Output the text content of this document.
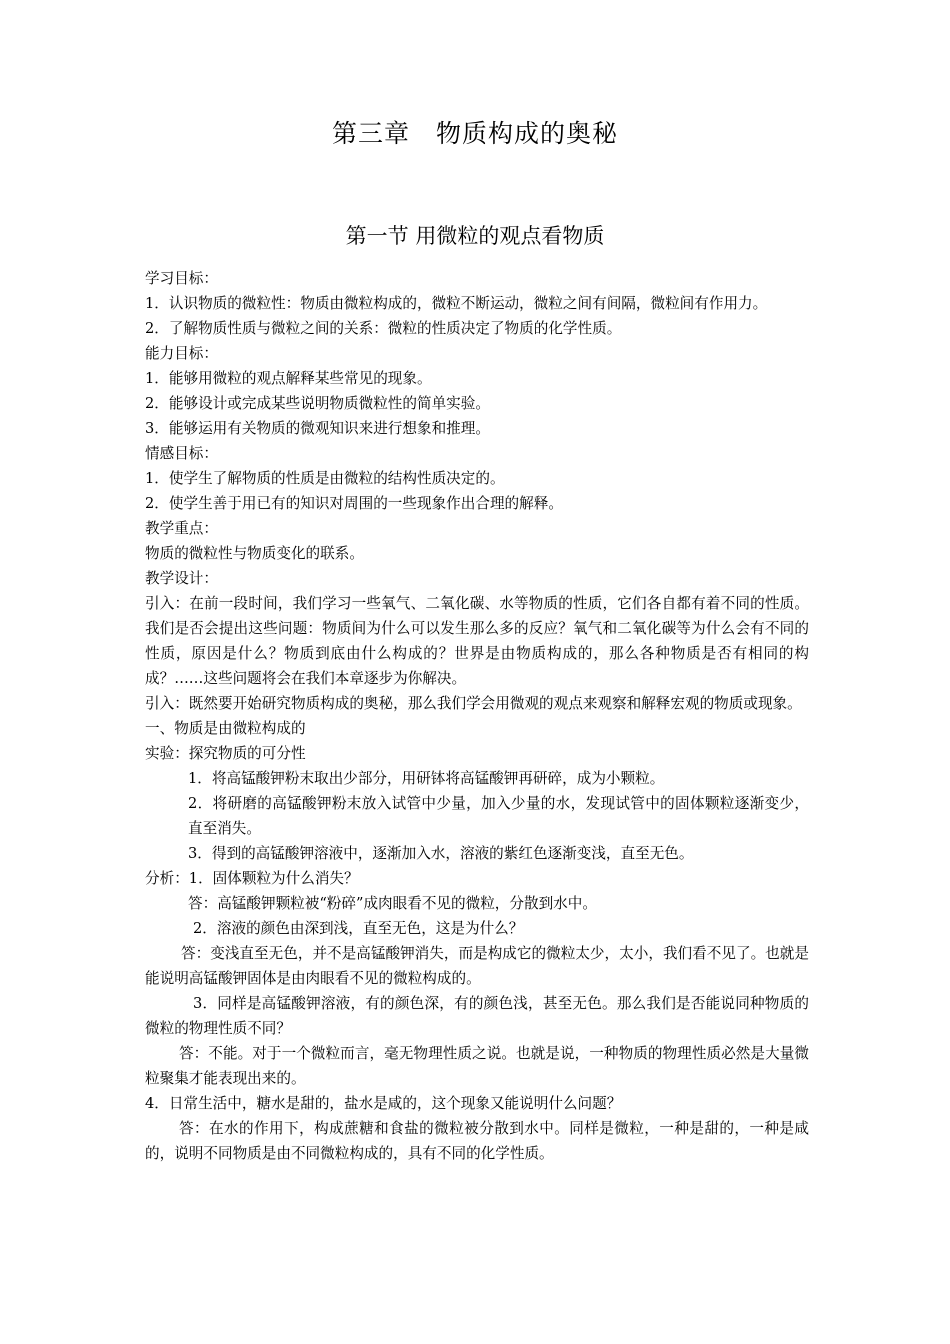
第三章　物质构成的奥秘
第一节 用微粒的观点看物质

学习目标：

1．认识物质的微粒性：物质由微粒构成的，微粒不断运动，微粒之间有间隔，微粒间有作用力。

2．了解物质性质与微粒之间的关系：微粒的性质决定了物质的化学性质。

能力目标：

1．能够用微粒的观点解释某些常见的现象。

2．能够设计或完成某些说明物质微粒性的简单实验。

3．能够运用有关物质的微观知识来进行想象和推理。

情感目标：

1．使学生了解物质的性质是由微粒的结构性质决定的。

2．使学生善于用已有的知识对周围的一些现象作出合理的解释。

教学重点：

物质的微粒性与物质变化的联系。

教学设计：

引入：在前一段时间，我们学习一些氧气、二氧化碳、水等物质的性质，它们各自都有着不同的性质。我们是否会提出这些问题：物质间为什么可以发生那么多的反应？氧气和二氧化碳等为什么会有不同的性质，原因是什么？物质到底由什么构成的？世界是由物质构成的，那么各种物质是否有相同的构成？……这些问题将会在我们本章逐步为你解决。

引入：既然要开始研究物质构成的奥秘，那么我们学会用微观的观点来观察和解释宏观的物质或现象。

一、物质是由微粒构成的

实验：探究物质的可分性

1．将高锰酸钾粉末取出少部分，用研钵将高锰酸钾再研碎，成为小颗粒。

2．将研磨的高锰酸钾粉末放入试管中少量，加入少量的水，发现试管中的固体颗粒逐渐变少，直至消失。

3．得到的高锰酸钾溶液中，逐渐加入水，溶液的紫红色逐渐变浅，直至无色。

分析：1．固体颗粒为什么消失？

答：高锰酸钾颗粒被“粉碎”成肉眼看不见的微粒，分散到水中。

2．溶液的颜色由深到浅，直至无色，这是为什么？

答：变浅直至无色，并不是高锰酸钾消失，而是构成它的微粒太少，太小，我们看不见了。也就是能说明高锰酸钾固体是由肉眼看不见的微粒构成的。

3．同样是高锰酸钾溶液，有的颜色深，有的颜色浅，甚至无色。那么我们是否能说同种物质的微粒的物理性质不同？

答：不能。对于一个微粒而言，毫无物理性质之说。也就是说，一种物质的物理性质必然是大量微粒聚集才能表现出来的。

4．日常生活中，糖水是甜的，盐水是咸的，这个现象又能说明什么问题？

答：在水的作用下，构成蔗糖和食盐的微粒被分散到水中。同样是微粒，一种是甜的，一种是咸的，说明不同物质是由不同微粒构成的，具有不同的化学性质。
